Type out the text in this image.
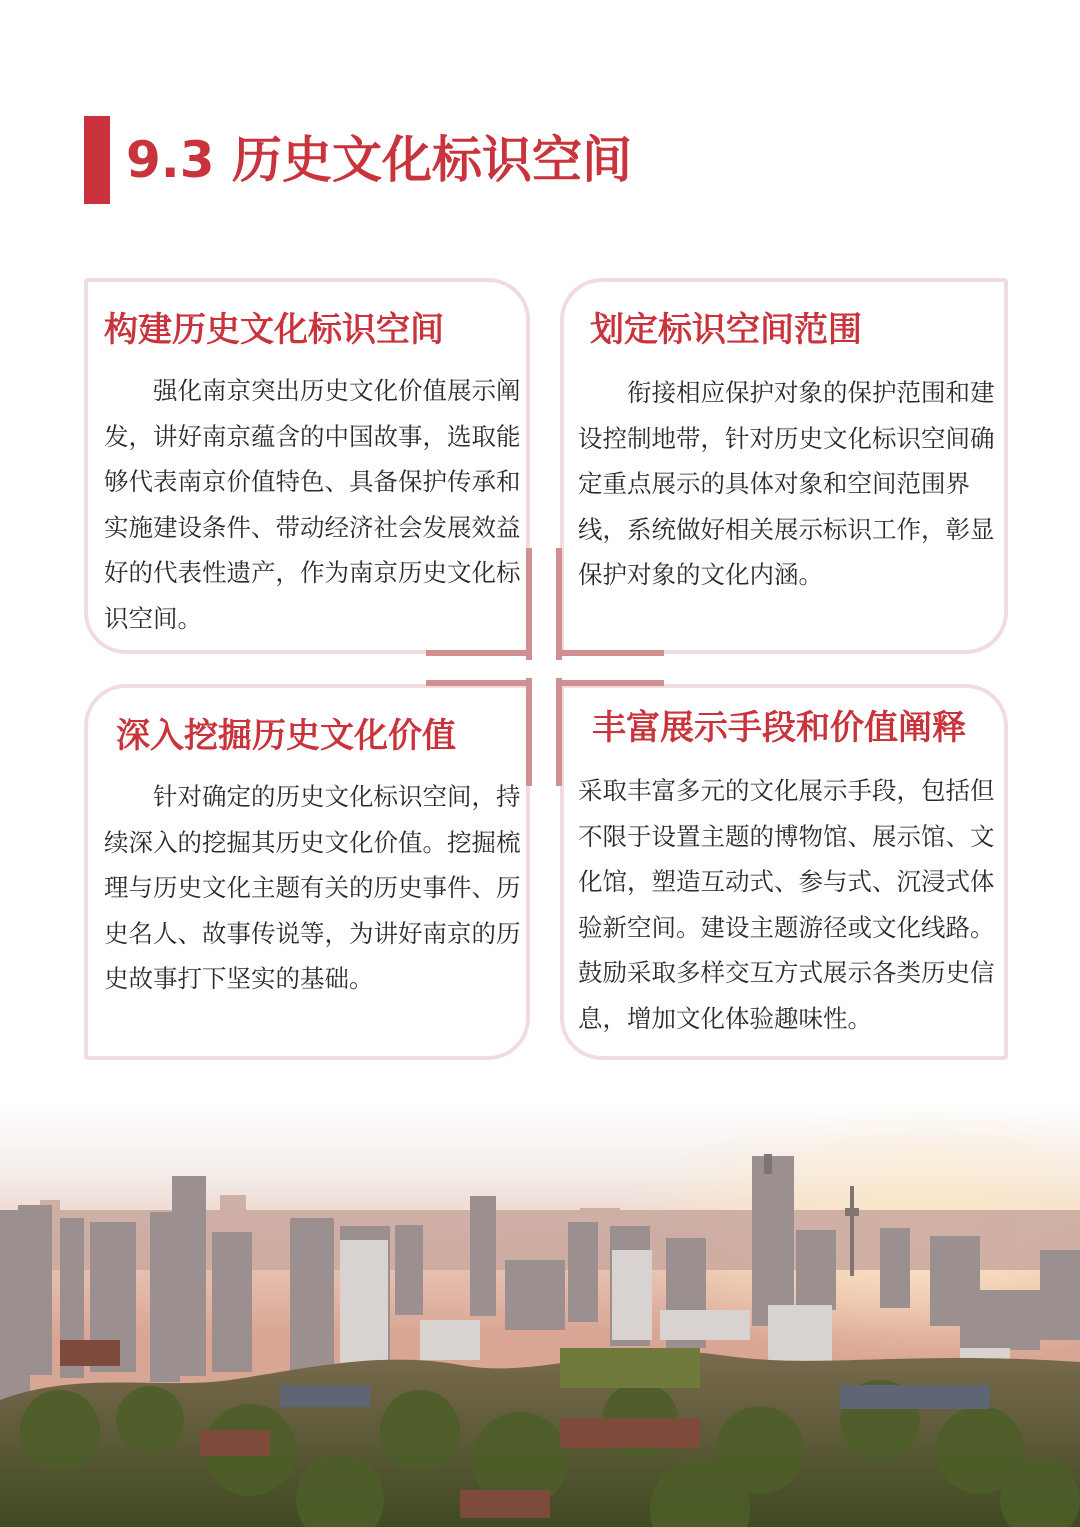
9.3 历史文化标识空间
构建历史文化标识空间

强化南京突出历史文化价值展示阐发，讲好南京蕴含的中国故事，选取能够代表南京价值特色、具备保护传承和实施建设条件、带动经济社会发展效益好的代表性遗产，作为南京历史文化标识空间。

划定标识空间范围

衔接相应保护对象的保护范围和建设控制地带，针对历史文化标识空间确定重点展示的具体对象和空间范围界线，系统做好相关展示标识工作，彰显保护对象的文化内涵。

深入挖掘历史文化价值

针对确定的历史文化标识空间，持续深入的挖掘其历史文化价值。挖掘梳理与历史文化主题有关的历史事件、历史名人、故事传说等，为讲好南京的历史故事打下坚实的基础。

丰富展示手段和价值阐释

采取丰富多元的文化展示手段，包括但不限于设置主题的博物馆、展示馆、文化馆，塑造互动式、参与式、沉浸式体验新空间。建设主题游径或文化线路。鼓励采取多样交互方式展示各类历史信息，增加文化体验趣味性。
